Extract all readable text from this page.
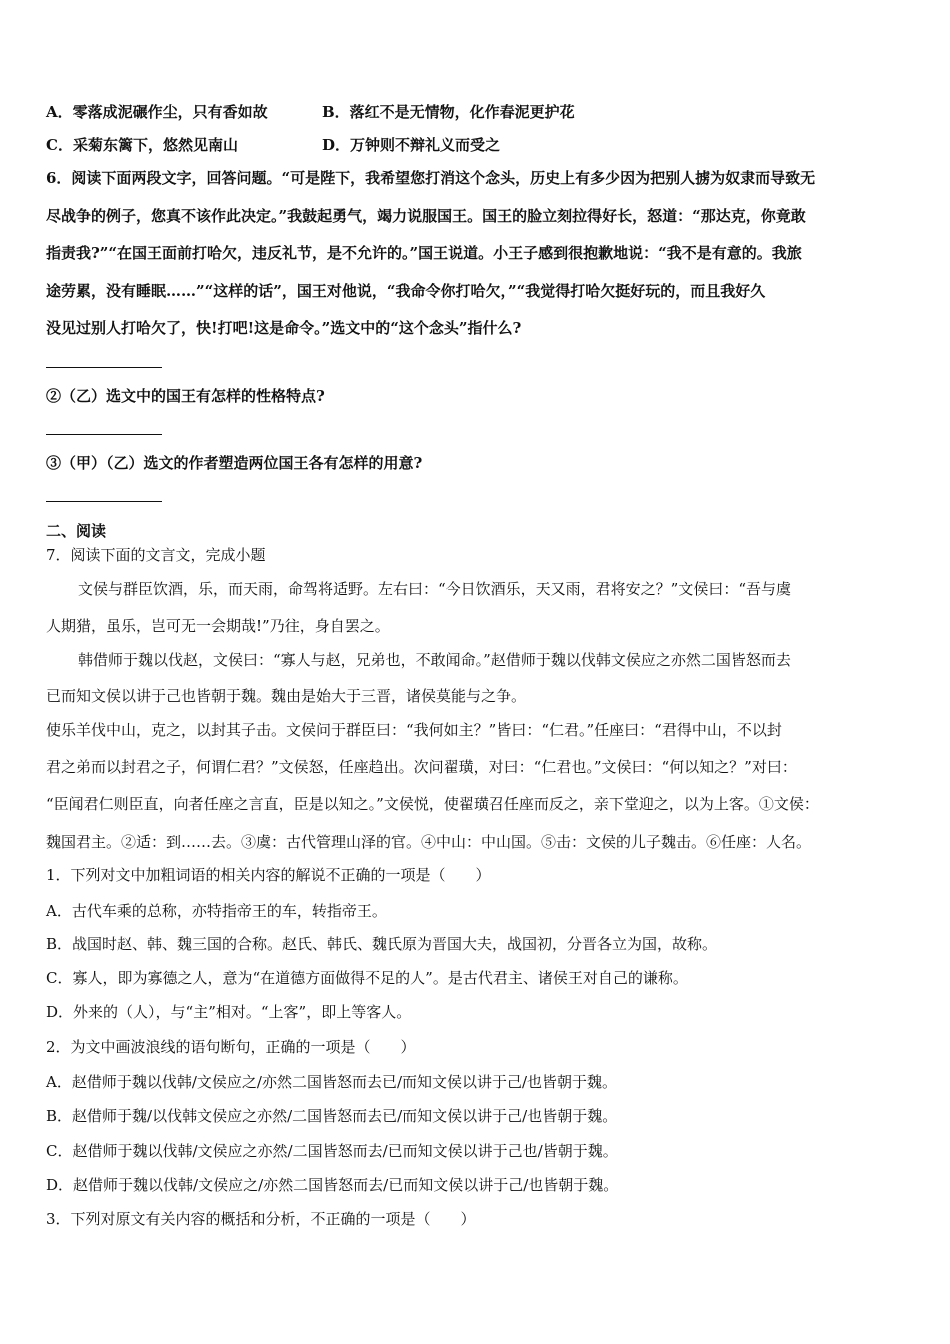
A．零落成泥碾作尘，只有香如故	B．落红不是无情物，化作春泥更护花
C．采菊东篱下，悠然见南山	D．万钟则不辩礼义而受之
6．阅读下面两段文字，回答问题。“可是陛下，我希望您打消这个念头，历史上有多少因为把别人掳为奴隶而导致无
尽战争的例子，您真不该作此决定。”我鼓起勇气，竭力说服国王。国王的脸立刻拉得好长，怒道：“那达克，你竟敢
指责我?”“在国王面前打哈欠，违反礼节，是不允许的。”国王说道。小王子感到很抱歉地说：“我不是有意的。我旅
途劳累，没有睡眠……”“这样的话”，国王对他说，“我命令你打哈欠，”“我觉得打哈欠挺好玩的，而且我好久
没见过别人打哈欠了，快!打吧!这是命令。”选文中的“这个念头”指什么?
②（乙）选文中的国王有怎样的性格特点?
③（甲）（乙）选文的作者塑造两位国王各有怎样的用意?
二、阅读
7．阅读下面的文言文，完成小题
文侯与群臣饮酒，乐，而天雨，命驾将适野。左右曰：“今日饮酒乐，天又雨，君将安之？”文侯曰：“吾与虞
人期猎，虽乐，岂可无一会期哉!”乃往，身自罢之。
韩借师于魏以伐赵，文侯曰：“寡人与赵，兄弟也，不敢闻命。”赵借师于魏以伐韩文侯应之亦然二国皆怒而去
已而知文侯以讲于己也皆朝于魏。魏由是始大于三晋，诸侯莫能与之争。
使乐羊伐中山，克之，以封其子击。文侯问于群臣曰：“我何如主？”皆曰：“仁君。”任座曰：“君得中山，不以封
君之弟而以封君之子，何谓仁君？”文侯怒，任座趋出。次问翟璜，对曰：“仁君也。”文侯曰：“何以知之？”对曰：
“臣闻君仁则臣直，向者任座之言直，臣是以知之。”文侯悦，使翟璜召任座而反之，亲下堂迎之，以为上客。①文侯：
魏国君主。②适：到……去。③虞：古代管理山泽的官。④中山：中山国。⑤击：文侯的儿子魏击。⑥任座：人名。
1．下列对文中加粗词语的相关内容的解说不正确的一项是（　　）
A．古代车乘的总称，亦特指帝王的车，转指帝王。
B．战国时赵、韩、魏三国的合称。赵氏、韩氏、魏氏原为晋国大夫，战国初，分晋各立为国，故称。
C．寡人，即为寡德之人，意为“在道德方面做得不足的人”。是古代君主、诸侯王对自己的谦称。
D．外来的（人），与“主”相对。“上客”，即上等客人。
2．为文中画波浪线的语句断句，正确的一项是（　　）
A．赵借师于魏以伐韩/文侯应之/亦然二国皆怒而去已/而知文侯以讲于己/也皆朝于魏。
B．赵借师于魏/以伐韩文侯应之亦然/二国皆怒而去已/而知文侯以讲于己/也皆朝于魏。
C．赵借师于魏以伐韩/文侯应之亦然/二国皆怒而去/已而知文侯以讲于己也/皆朝于魏。
D．赵借师于魏以伐韩/文侯应之/亦然二国皆怒而去/已而知文侯以讲于己/也皆朝于魏。
3．下列对原文有关内容的概括和分析，不正确的一项是（　　）
